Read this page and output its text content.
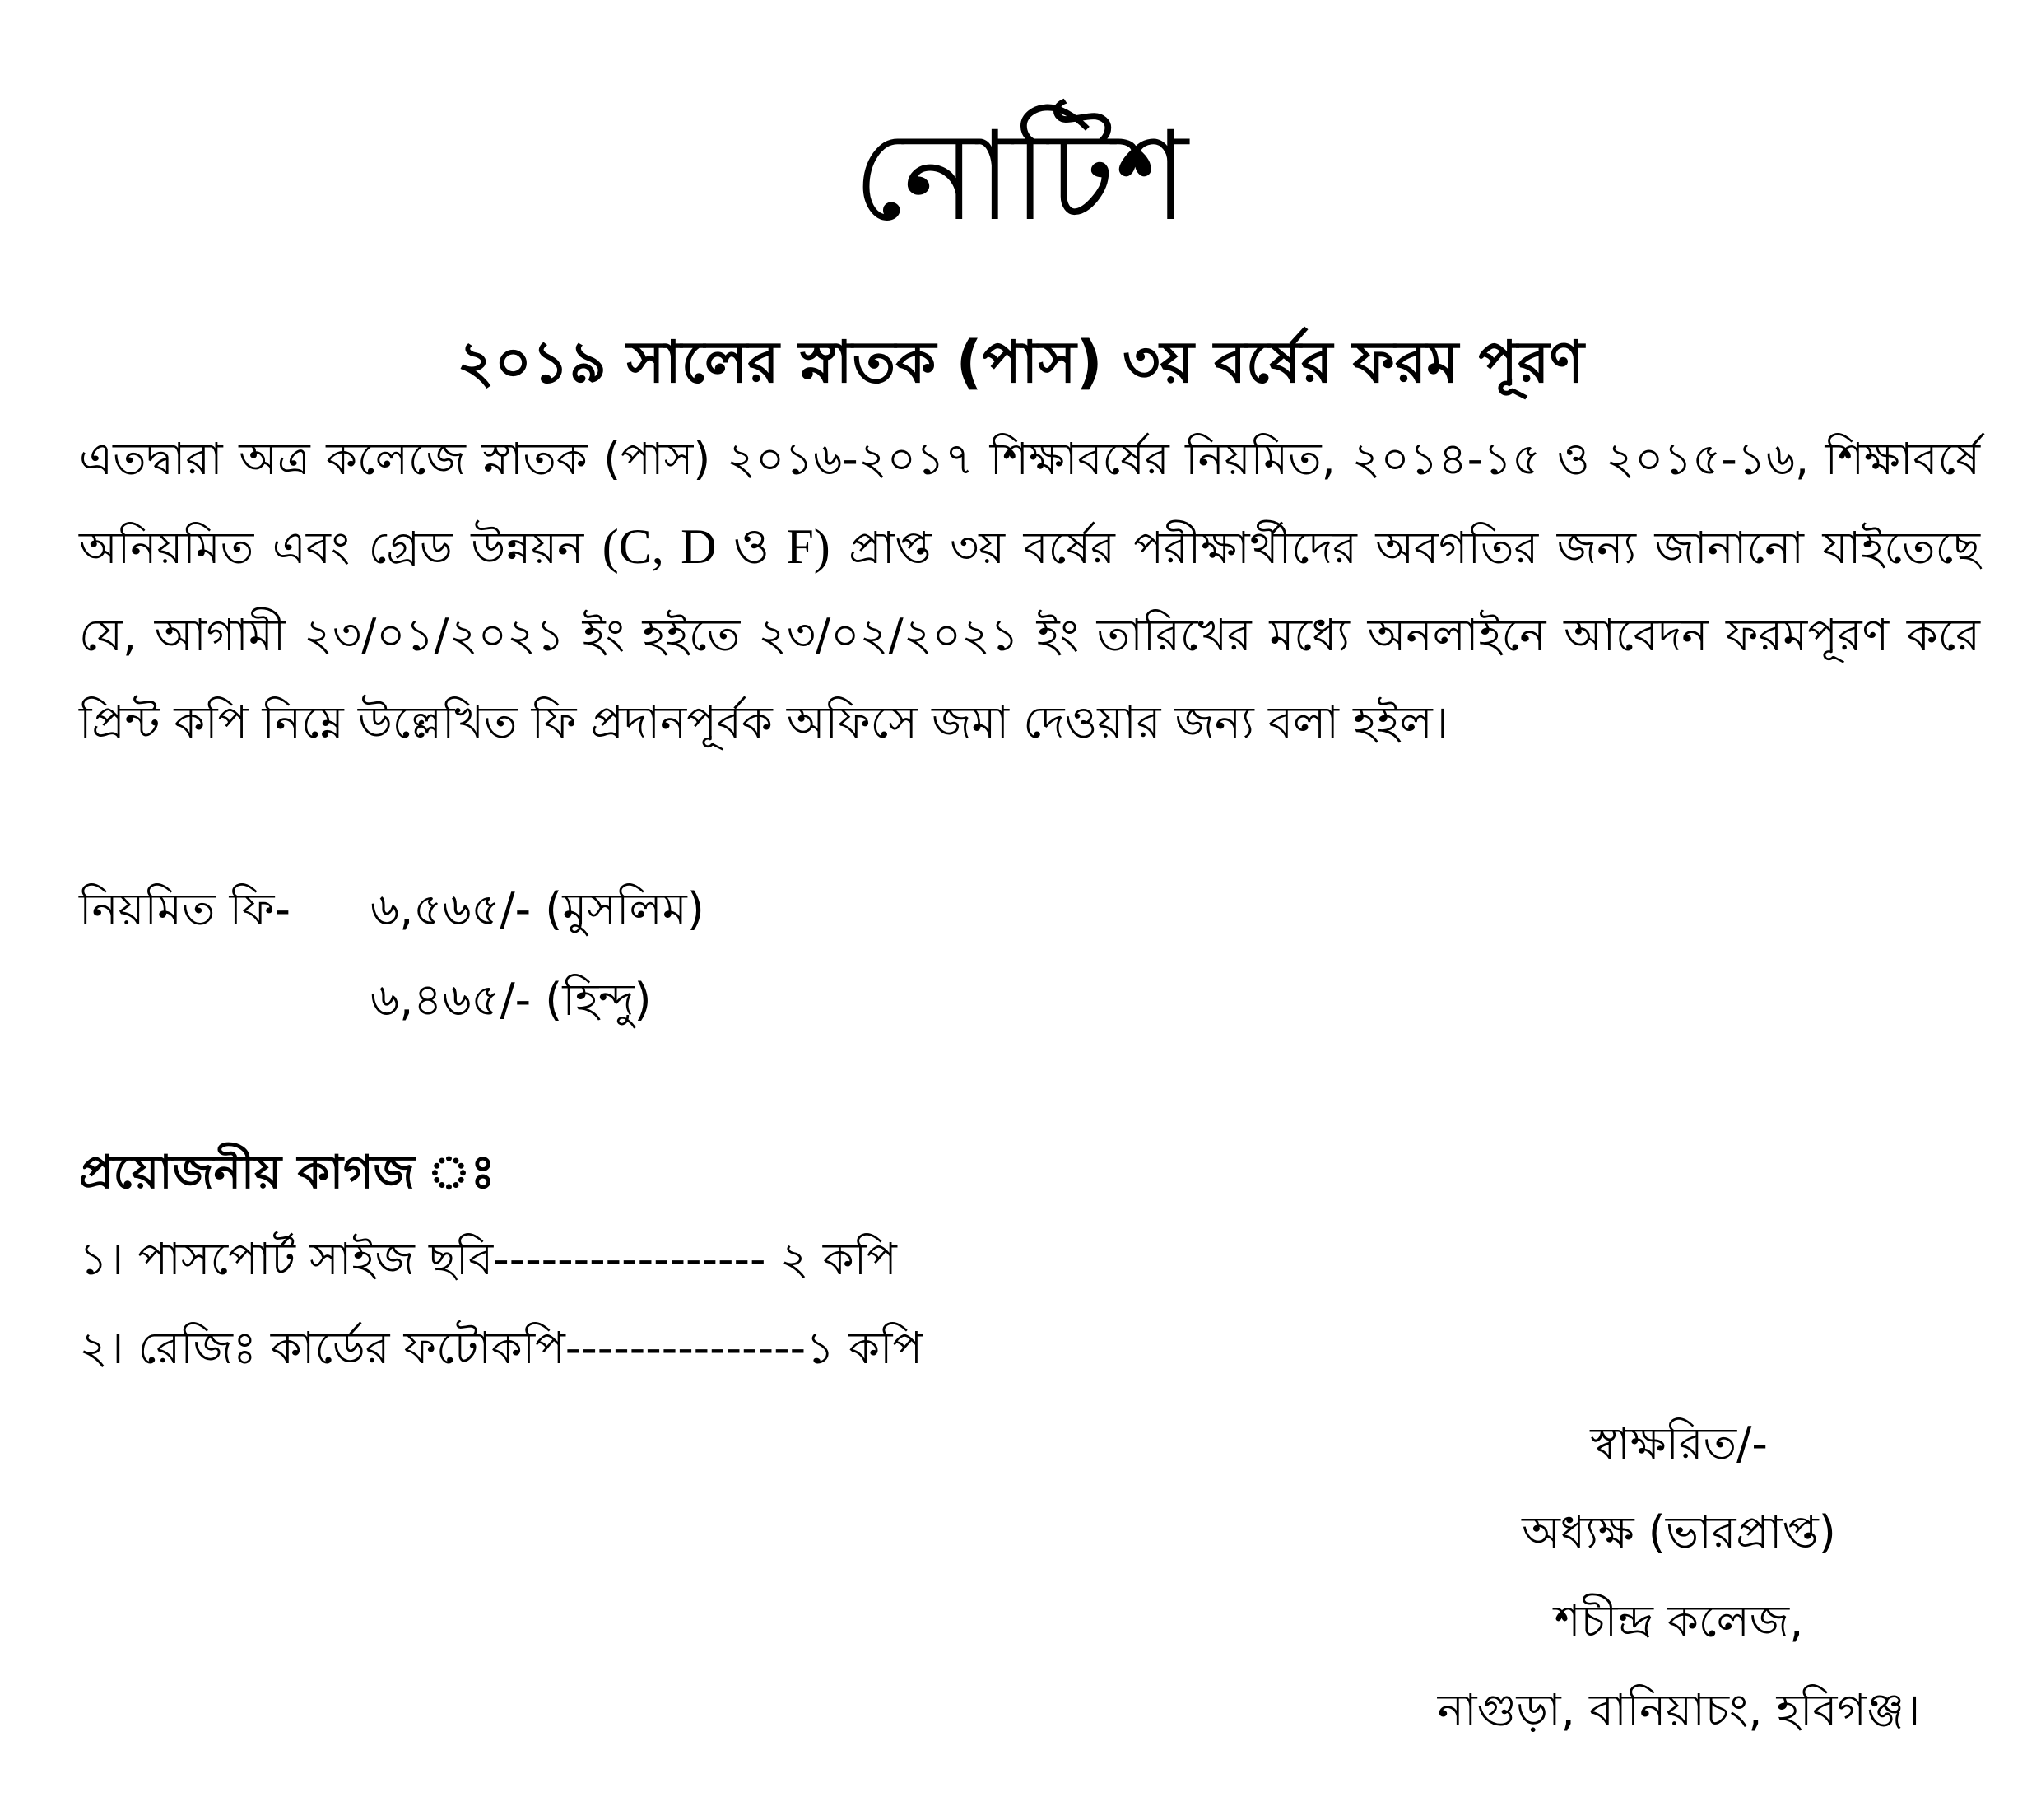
নোটিশ
২০১৯ সালের স্নাতক (পাস) ৩য় বর্ষের ফরম পূরণ

এতদ্বারা অত্র কলেজে স্নাতক (পাস) ২০১৬-২০১৭ শিক্ষাবর্ষের নিয়মিত, ২০১৪-১৫ ও ২০১৫-১৬, শিক্ষাবর্ষে অনিয়মিত এবং গ্রেড উন্নয়ন (C, D ও F) প্রাপ্ত ৩য় বর্ষের পরীক্ষার্থীদের অবগতির জন্য জানানো যাইতেছে যে, আগামী ২৩/০১/২০২১ ইং হইতে ২৩/০২/২০২১ ইং তারিখের মধ্যে অনলাইনে আবেদন ফরমপূরণ করে প্রিন্ট কপি নিম্নে উল্লেখিত ফি প্রদানপূর্বক অফিসে জমা দেওয়ার জন্য বলা হইল।

নিয়মিত ফি- ৬,৫৬৫/- (মুসলিম)
৬,৪৬৫/- (হিন্দু)
প্রয়োজনীয় কাগজ ঃ
১। পাসপোর্ট সাইজ ছবি----------------- ২ কপি
২। রেজিঃ কার্ডের ফটোকপি---------------১ কপি
স্বাক্ষরিত/-
অধ্যক্ষ (ভারপ্রাপ্ত)
শচীন্দ্র কলেজ,
নাগুড়া, বানিয়াচং, হবিগঞ্জ।
